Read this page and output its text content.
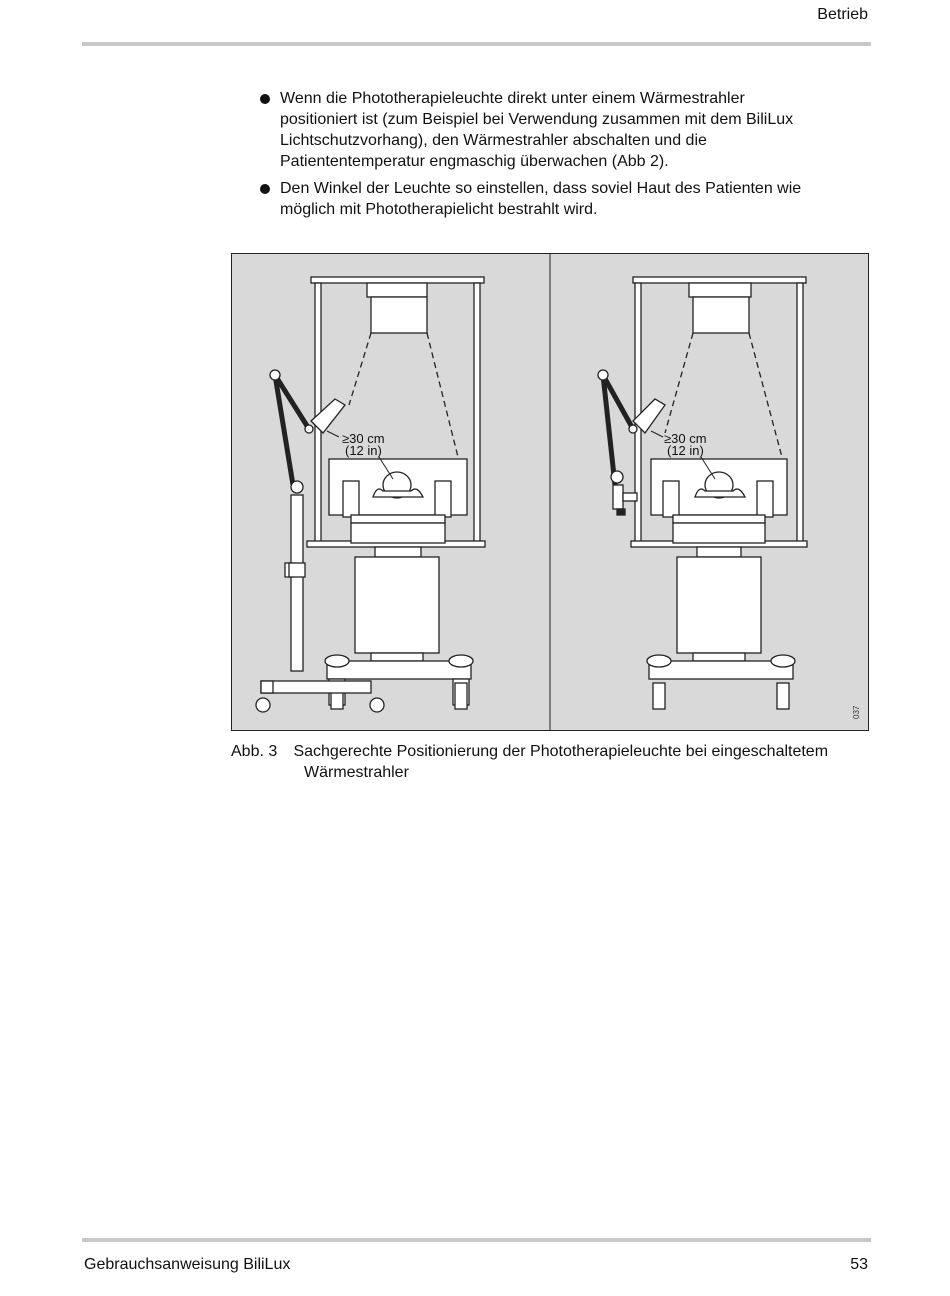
Betrieb
Wenn die Phototherapieleuchte direkt unter einem Wärmestrahler
positioniert ist (zum Beispiel bei Verwendung zusammen mit dem BiliLux
Lichtschutzvorhang), den Wärmestrahler abschalten und die
Patiententemperatur engmaschig überwachen (Abb 2).
Den Winkel der Leuchte so einstellen, dass soviel Haut des Patienten wie
möglich mit Phototherapielicht bestrahlt wird.
≥30 cm
(12 in)
≥30 cm
(12 in)
037
Abb. 3 Sachgerechte Positionierung der Phototherapieleuchte bei eingeschaltetem
Wärmestrahler
Gebrauchsanweisung BiliLux	53
